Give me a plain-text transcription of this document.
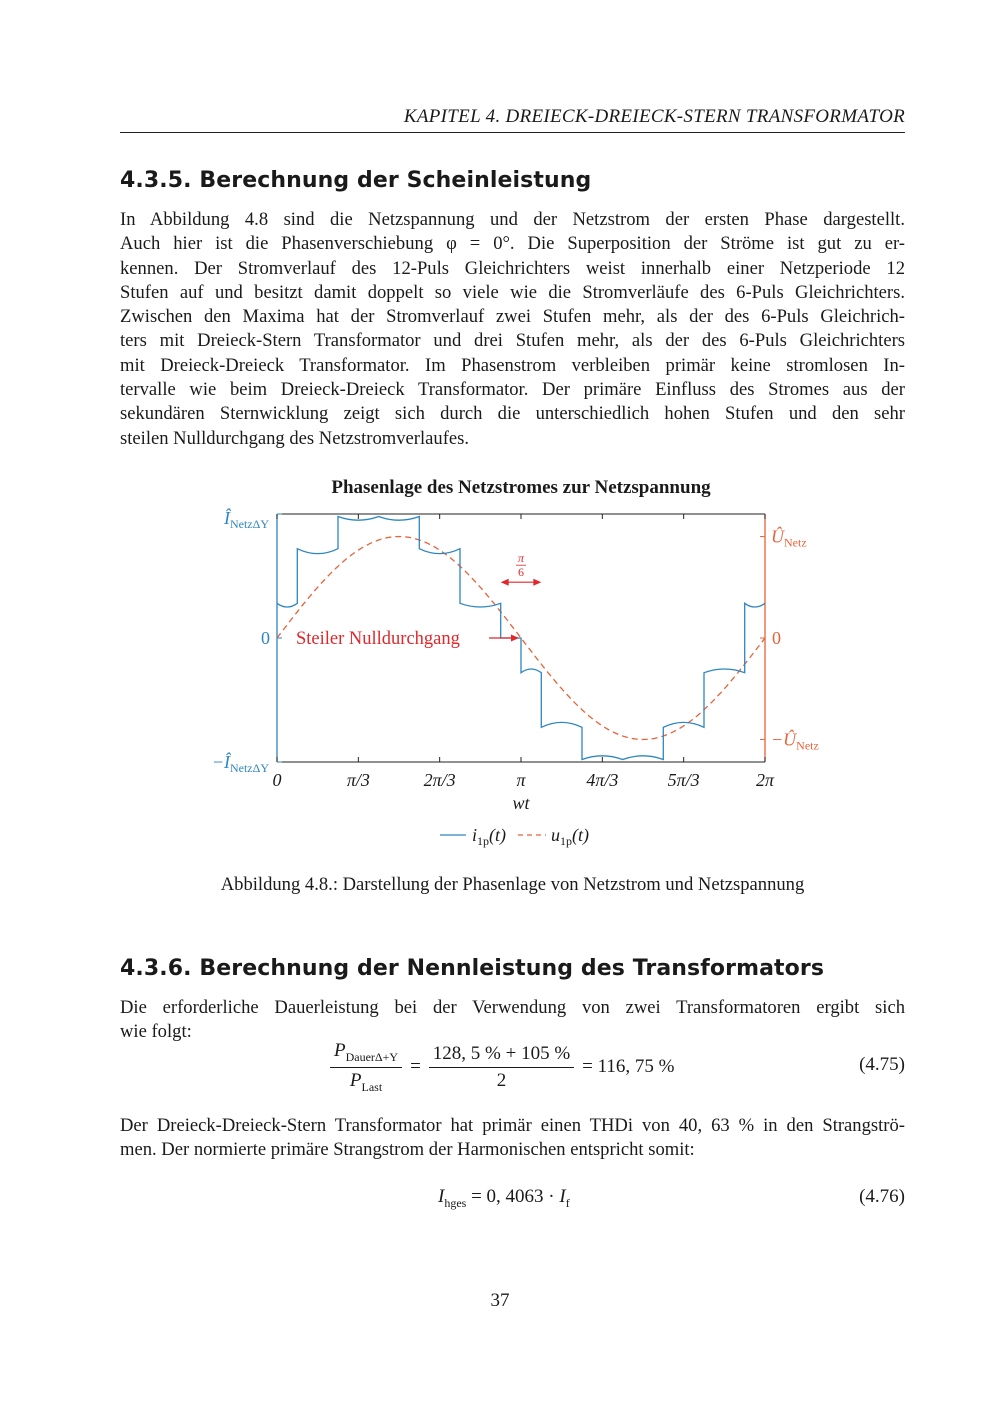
KAPITEL 4. DREIECK-DREIECK-STERN TRANSFORMATOR
4.3.5. Berechnung der Scheinleistung
In Abbildung 4.8 sind die Netzspannung und der Netzstrom der ersten Phase dargestellt.
Auch hier ist die Phasenverschiebung φ = 0°. Die Superposition der Ströme ist gut zu er-
kennen. Der Stromverlauf des 12-Puls Gleichrichters weist innerhalb einer Netzperiode 12
Stufen auf und besitzt damit doppelt so viele wie die Stromverläufe des 6-Puls Gleichrichters.
Zwischen den Maxima hat der Stromverlauf zwei Stufen mehr, als der des 6-Puls Gleichrich-
ters mit Dreieck-Stern Transformator und drei Stufen mehr, als der des 6-Puls Gleichrichters
mit Dreieck-Dreieck Transformator. Im Phasenstrom verbleiben primär keine stromlosen In-
tervalle wie beim Dreieck-Dreieck Transformator. Der primäre Einfluss des Stromes aus der
sekundären Sternwicklung zeigt sich durch die unterschiedlich hohen Stufen und den sehr
steilen Nulldurchgang des Netzstromverlaufes.
Phasenlage des Netzstromes zur Netzspannung
0	π/3	2π/3	π	4π/3	5π/3	2π
wt
$Î_{Netz\Delta Y}$
0
$-Î_{Netz\Delta Y}$
$Û_{Netz}$
0
$-Û_{Netz}$
Steiler Nulldurchgang
π
6
$i_{1p}(t)$ $u_{1p}(t)$
Abbildung 4.8.: Darstellung der Phasenlage von Netzstrom und Netzspannung
4.3.6. Berechnung der Nennleistung des Transformators
Die erforderliche Dauerleistung bei der Verwendung von zwei Transformatoren ergibt sich
wie folgt:
$\frac{P_{Dauer\Delta+Y}}{P_{Last}} = \frac{128, 5 \% + 105 \%}{2} = 116$, 75 %	(4.75)
Der Dreieck-Dreieck-Stern Transformator hat primär einen THDi von 40, 63 % in den Strangströ-
men. Der normierte primäre Strangstrom der Harmonischen entspricht somit:
$I_{hges} = 0$, $4063 \cdot I_f$	(4.76)
37
